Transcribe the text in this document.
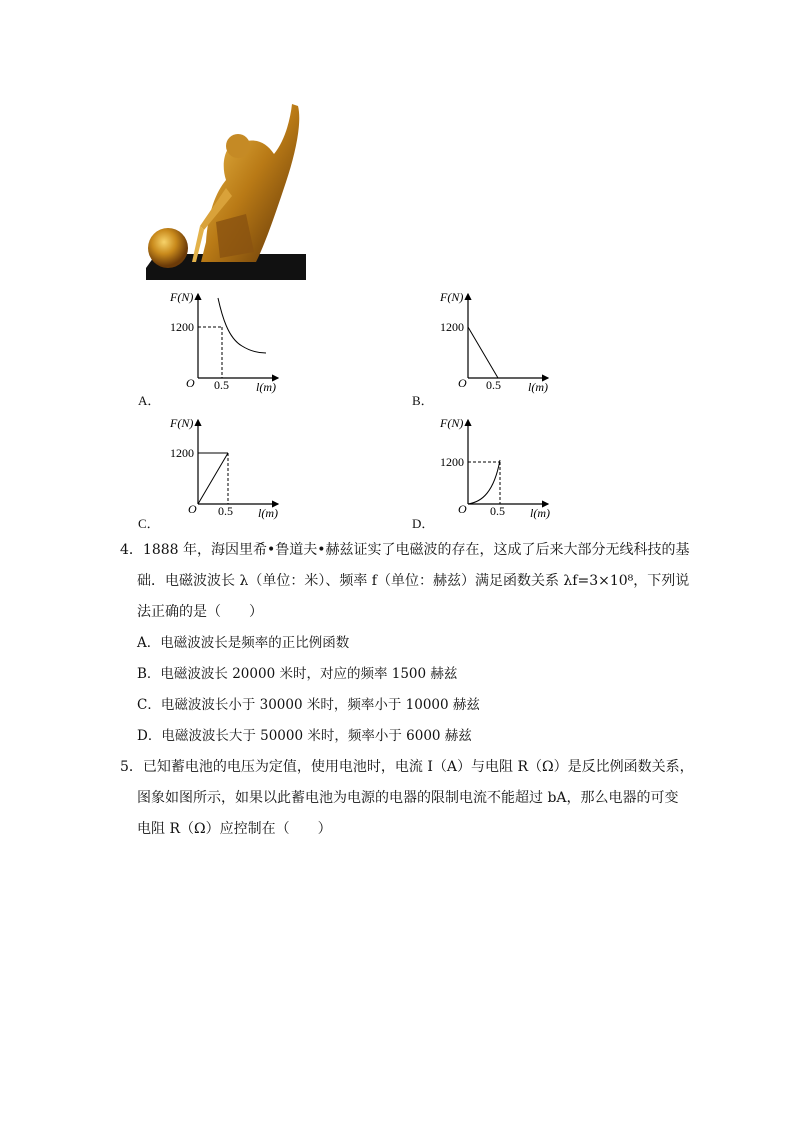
F(N)
1200
O 0.5 l(m)
A．
F(N)
1200
O 0.5 l(m)
B．
F(N)
1200
O 0.5 l(m)
C．
F(N)
1200
O 0.5 l(m)
D．
4．1888 年，海因里希•鲁道夫•赫兹证实了电磁波的存在，这成了后来大部分无线科技的基
础．电磁波波长 λ（单位：米）、频率 f（单位：赫兹）满足函数关系 λf=3×10⁸，下列说
法正确的是（　　）
A．电磁波波长是频率的正比例函数
B．电磁波波长 20000 米时，对应的频率 1500 赫兹
C．电磁波波长小于 30000 米时，频率小于 10000 赫兹
D．电磁波波长大于 50000 米时，频率小于 6000 赫兹
5．已知蓄电池的电压为定值，使用电池时，电流 I（A）与电阻 R（Ω）是反比例函数关系，
图象如图所示，如果以此蓄电池为电源的电器的限制电流不能超过 bA，那么电器的可变
电阻 R（Ω）应控制在（　　）
